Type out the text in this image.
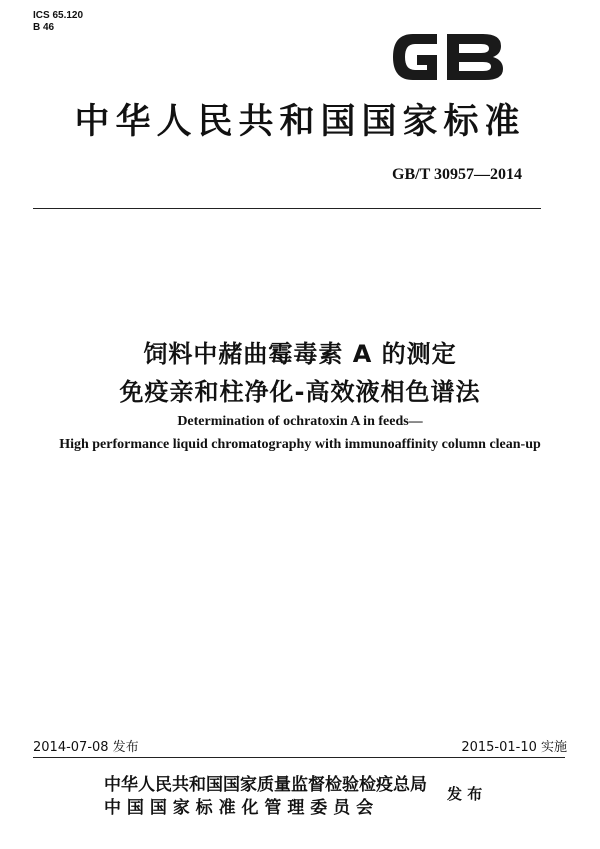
ICS 65.120
B 46
中华人民共和国国家标准
GB/T 30957—2014
饲料中赭曲霉毒素 A 的测定
免疫亲和柱净化-高效液相色谱法
Determination of ochratoxin A in feeds—
High performance liquid chromatography with immunoaffinity column clean-up
2014-07-08 发布	2015-01-10 实施
中华人民共和国国家质量监督检验检疫总局
中 国 国 家 标 准 化 管 理 委 员 会
发 布
